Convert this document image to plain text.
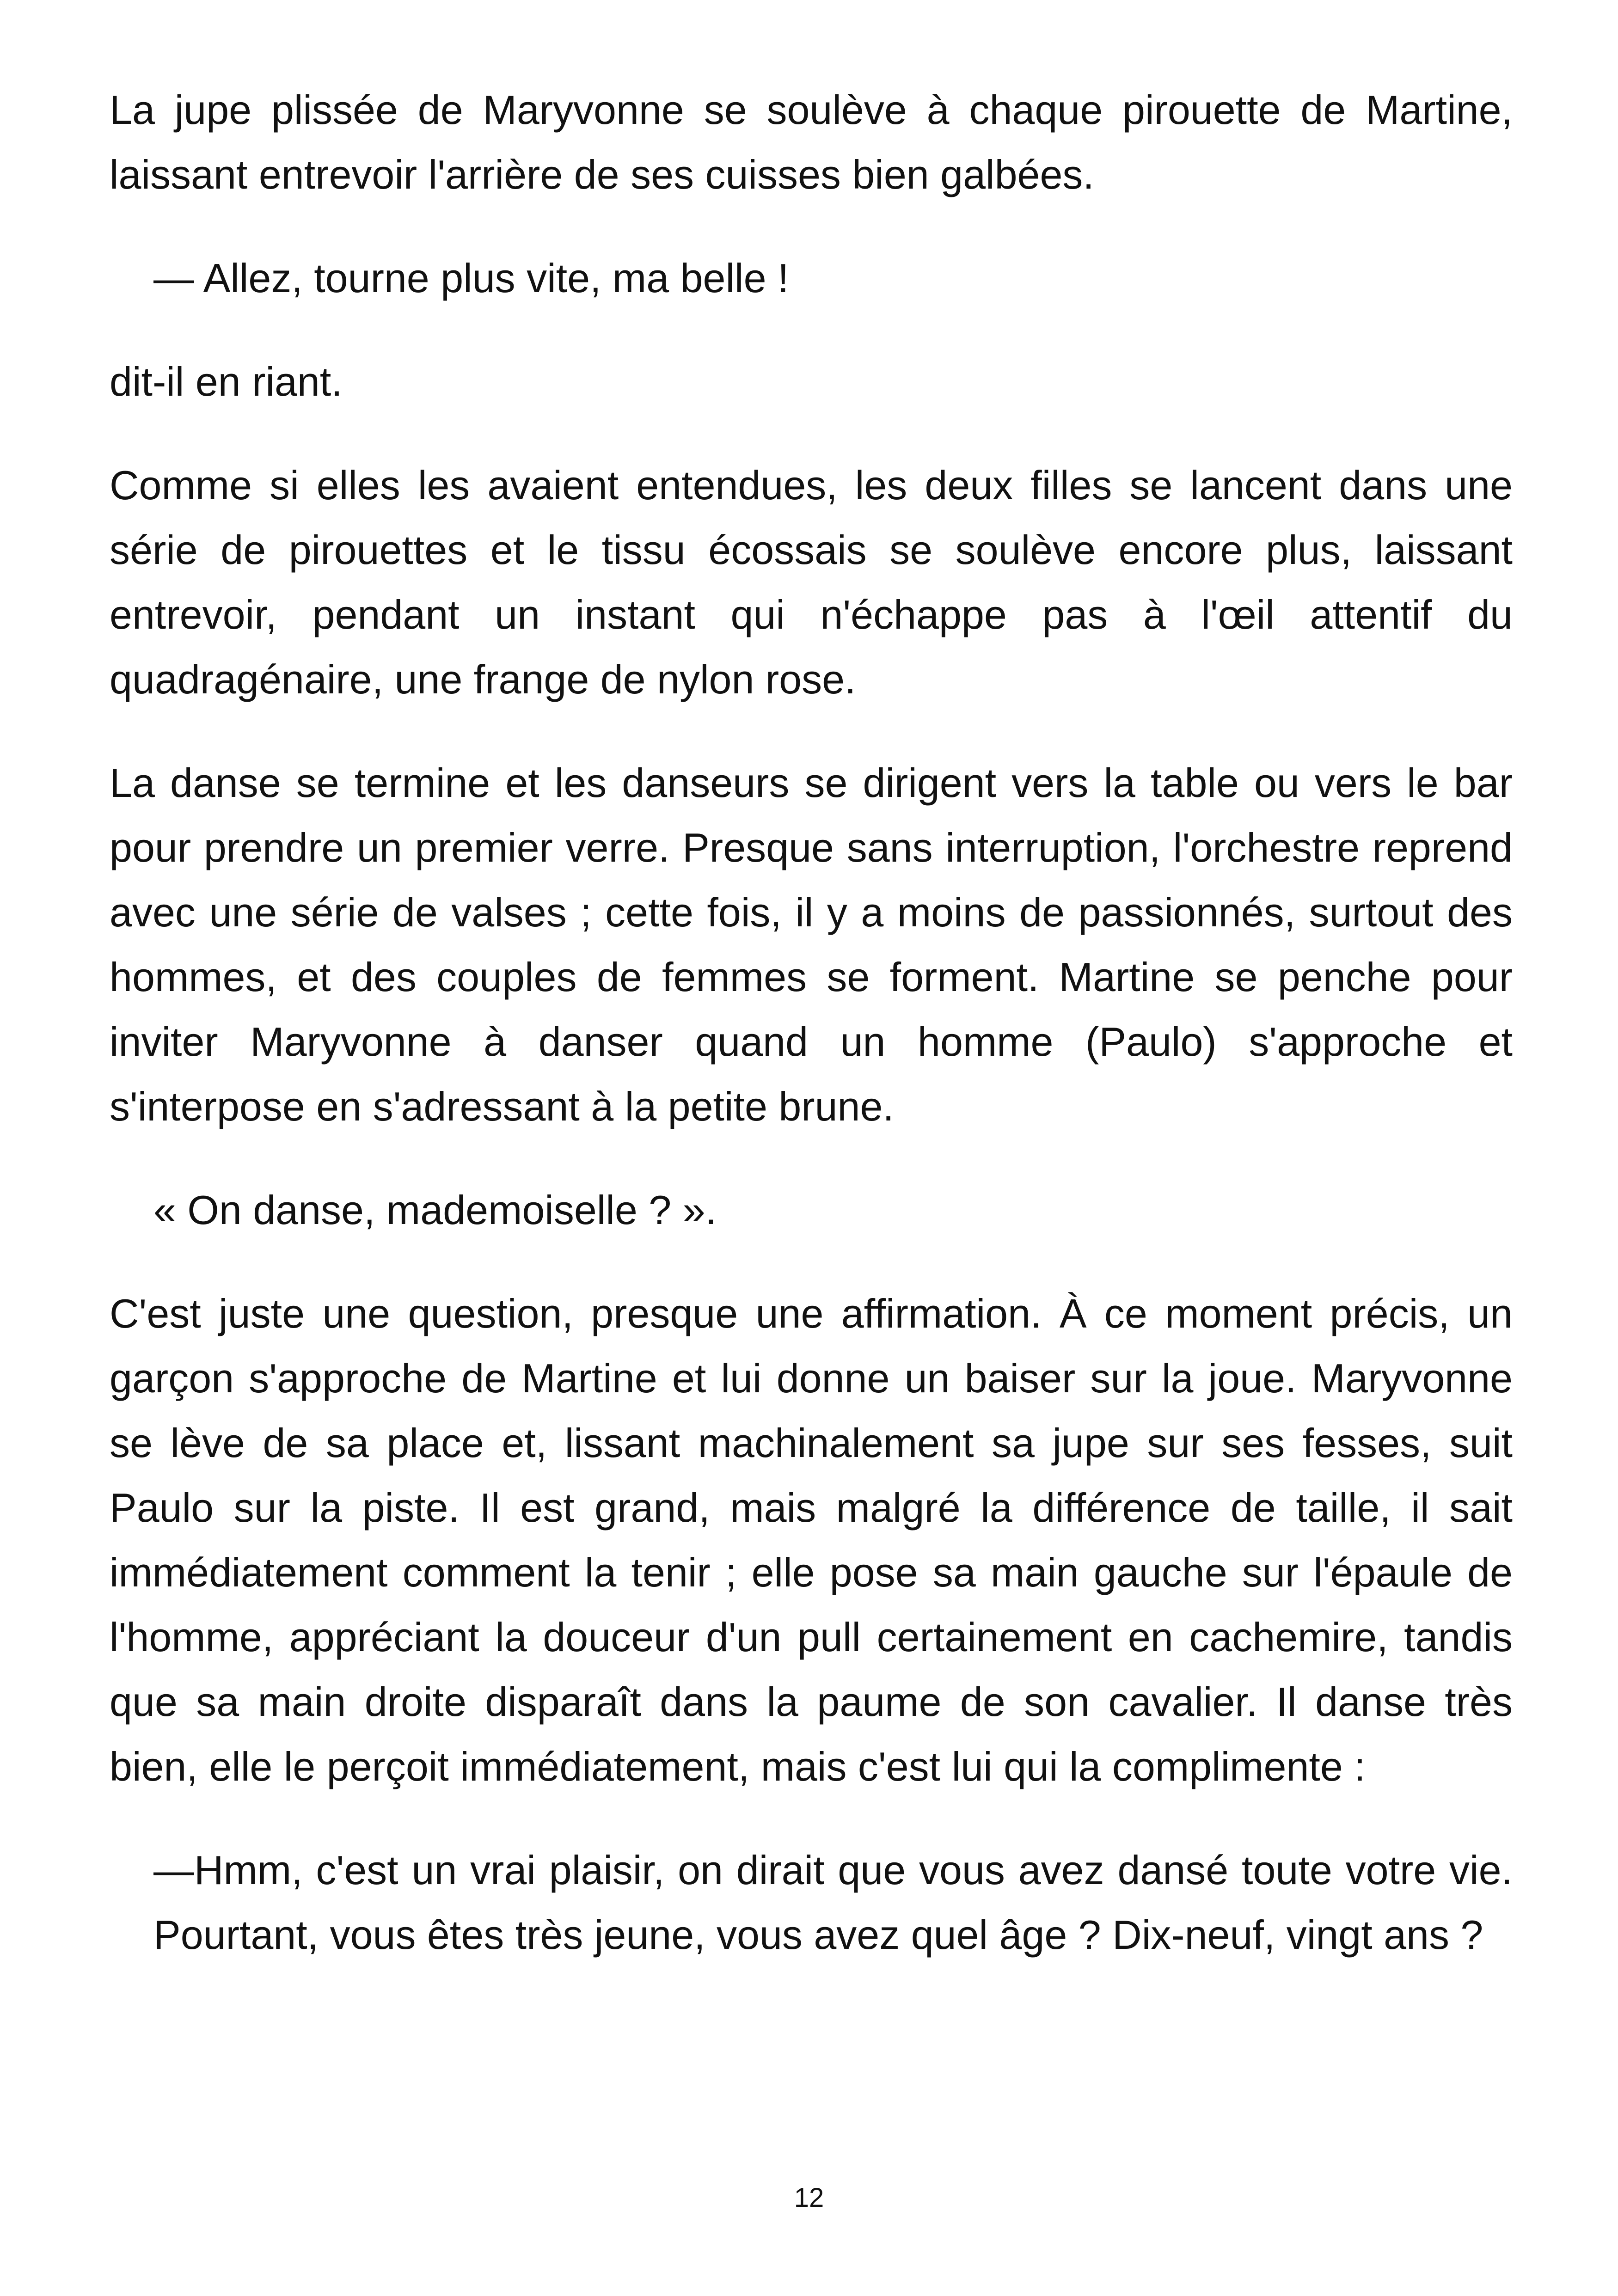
La jupe plissée de Maryvonne se soulève à chaque pirouette de Martine, laissant entrevoir l'arrière de ses cuisses bien galbées.

— Allez, tourne plus vite, ma belle !

dit-il en riant.

Comme si elles les avaient entendues, les deux filles se lancent dans une série de pirouettes et le tissu écossais se soulève encore plus, laissant entrevoir, pendant un instant qui n'échappe pas à l'œil attentif du quadragénaire, une frange de nylon rose.

La danse se termine et les danseurs se dirigent vers la table ou vers le bar pour prendre un premier verre. Presque sans interruption, l'orchestre reprend avec une série de valses ; cette fois, il y a moins de passionnés, surtout des hommes, et des couples de femmes se forment. Martine se penche pour inviter Maryvonne à danser quand un homme (Paulo) s'approche et s'interpose en s'adressant à la petite brune.

« On danse, mademoiselle ? ».

C'est juste une question, presque une affirmation. À ce moment précis, un garçon s'approche de Martine et lui donne un baiser sur la joue. Maryvonne se lève de sa place et, lissant machinalement sa jupe sur ses fesses, suit Paulo sur la piste. Il est grand, mais malgré la différence de taille, il sait immédiatement comment la tenir ; elle pose sa main gauche sur l'épaule de l'homme, appréciant la douceur d'un pull certainement en cachemire, tandis que sa main droite disparaît dans la paume de son cavalier. Il danse très bien, elle le perçoit immédiatement, mais c'est lui qui la complimente :

—Hmm, c'est un vrai plaisir, on dirait que vous avez dansé toute votre vie. Pourtant, vous êtes très jeune, vous avez quel âge ? Dix-neuf, vingt ans ?

12
